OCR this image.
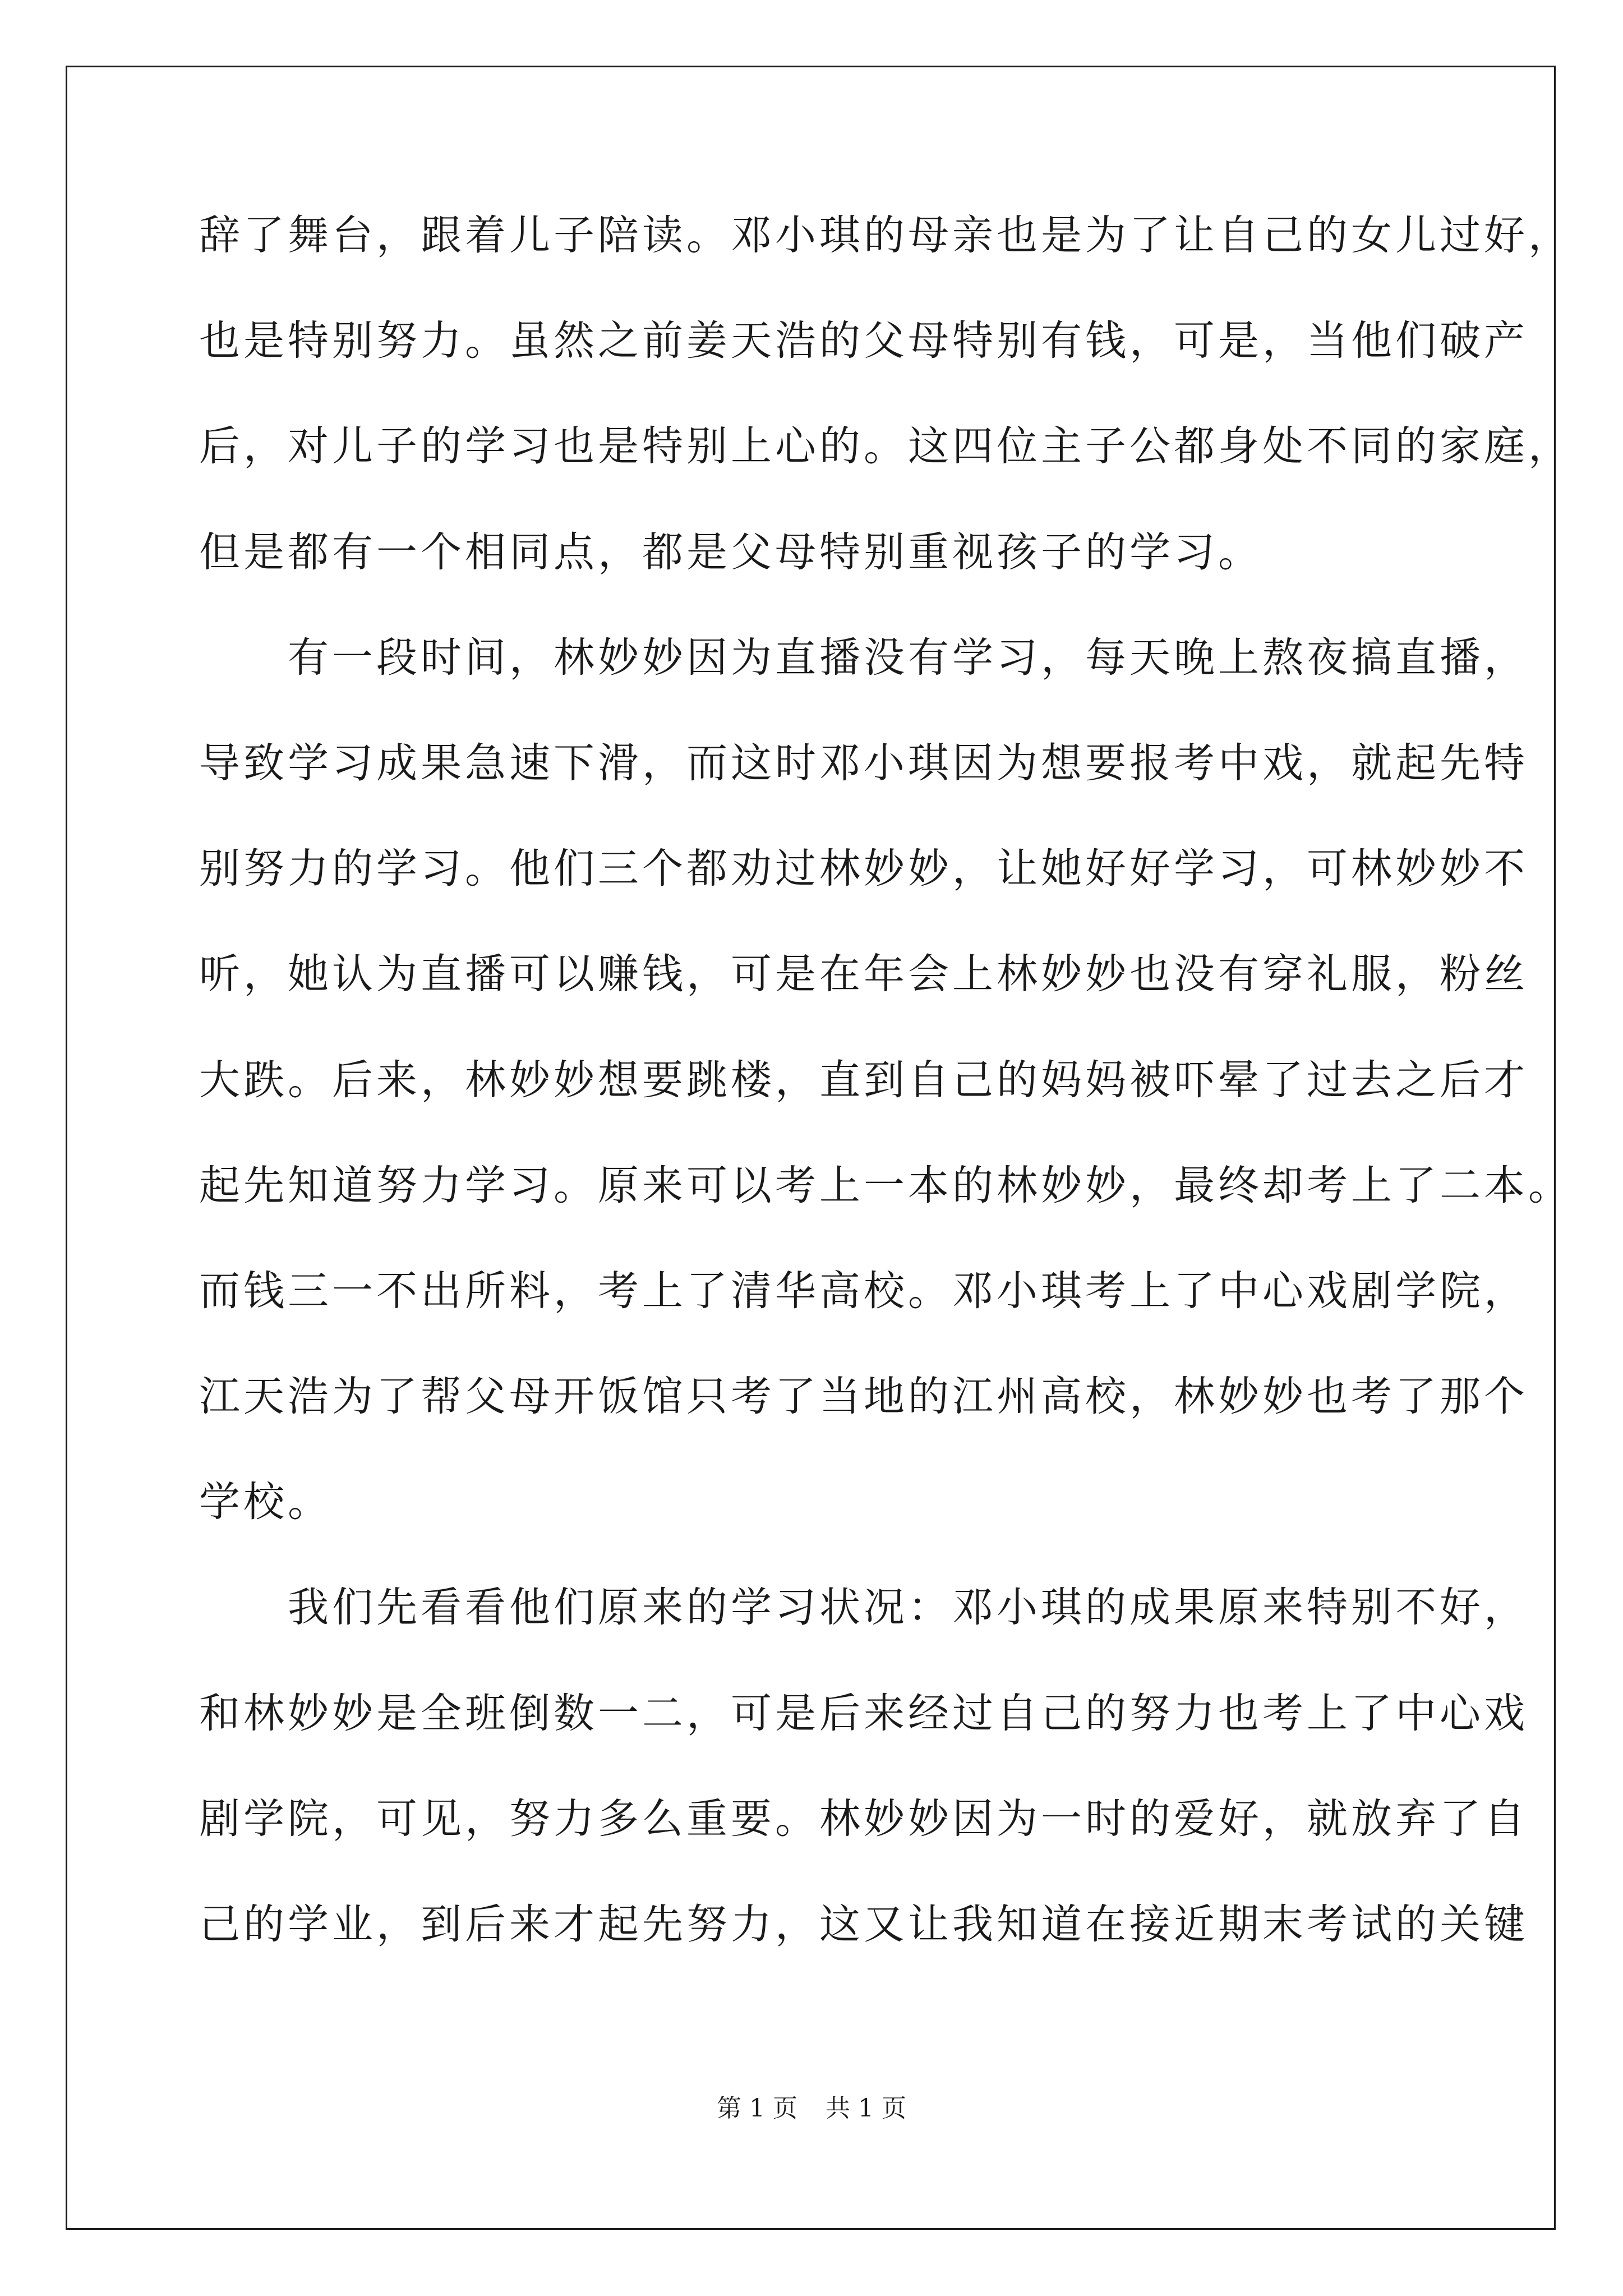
辞了舞台，跟着儿子陪读。邓小琪的母亲也是为了让自己的女儿过好，
也是特别努力。虽然之前姜天浩的父母特别有钱，可是，当他们破产
后，对儿子的学习也是特别上心的。这四位主子公都身处不同的家庭，
但是都有一个相同点，都是父母特别重视孩子的学习。
有一段时间，林妙妙因为直播没有学习，每天晚上熬夜搞直播，
导致学习成果急速下滑，而这时邓小琪因为想要报考中戏，就起先特
别努力的学习。他们三个都劝过林妙妙，让她好好学习，可林妙妙不
听，她认为直播可以赚钱，可是在年会上林妙妙也没有穿礼服，粉丝
大跌。后来，林妙妙想要跳楼，直到自己的妈妈被吓晕了过去之后才
起先知道努力学习。原来可以考上一本的林妙妙，最终却考上了二本。
而钱三一不出所料，考上了清华高校。邓小琪考上了中心戏剧学院，
江天浩为了帮父母开饭馆只考了当地的江州高校，林妙妙也考了那个
学校。
我们先看看他们原来的学习状况：邓小琪的成果原来特别不好，
和林妙妙是全班倒数一二，可是后来经过自己的努力也考上了中心戏
剧学院，可见，努力多么重要。林妙妙因为一时的爱好，就放弃了自
己的学业，到后来才起先努力，这又让我知道在接近期末考试的关键
第 1 页 共 1 页
